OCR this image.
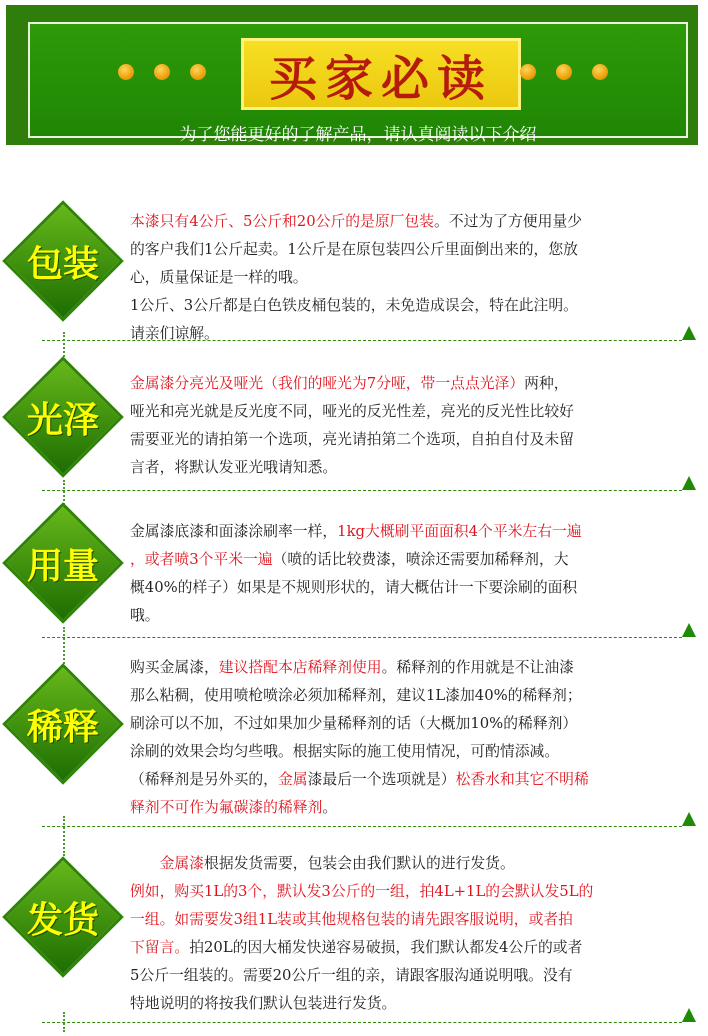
买家必读
为了您能更好的了解产品，请认真阅读以下介绍
包装
本漆只有4公斤、5公斤和20公斤的是原厂包装。不过为了方便用量少
的客户我们1公斤起卖。1公斤是在原包装四公斤里面倒出来的，您放
心，质量保证是一样的哦。
1公斤、3公斤都是白色铁皮桶包装的，未免造成误会，特在此注明。
请亲们谅解。
光泽
金属漆分亮光及哑光（我们的哑光为7分哑，带一点点光泽）两种，
哑光和亮光就是反光度不同，哑光的反光性差，亮光的反光性比较好
需要亚光的请拍第一个选项，亮光请拍第二个选项，自拍自付及未留
言者，将默认发亚光哦请知悉。
用量
金属漆底漆和面漆涂刷率一样，1kg大概刷平面面积4个平米左右一遍
，或者喷3个平米一遍（喷的话比较费漆，喷涂还需要加稀释剂，大
概40%的样子）如果是不规则形状的，请大概估计一下要涂刷的面积
哦。
稀释
购买金属漆，建议搭配本店稀释剂使用。稀释剂的作用就是不让油漆
那么粘稠，使用喷枪喷涂必须加稀释剂，建议1L漆加40%的稀释剂；
刷涂可以不加，不过如果加少量稀释剂的话（大概加10%的稀释剂）
涂刷的效果会均匀些哦。根据实际的施工使用情况，可酌情添减。
（稀释剂是另外买的，金属漆最后一个选项就是）松香水和其它不明稀
释剂不可作为氟碳漆的稀释剂。
发货
　　金属漆根据发货需要，包装会由我们默认的进行发货。
例如，购买1L的3个，默认发3公斤的一组，拍4L+1L的会默认发5L的
一组。如需要发3组1L装或其他规格包装的请先跟客服说明，或者拍
下留言。拍20L的因大桶发快递容易破损，我们默认都发4公斤的或者
5公斤一组装的。需要20公斤一组的亲，请跟客服沟通说明哦。没有
特地说明的将按我们默认包装进行发货。
